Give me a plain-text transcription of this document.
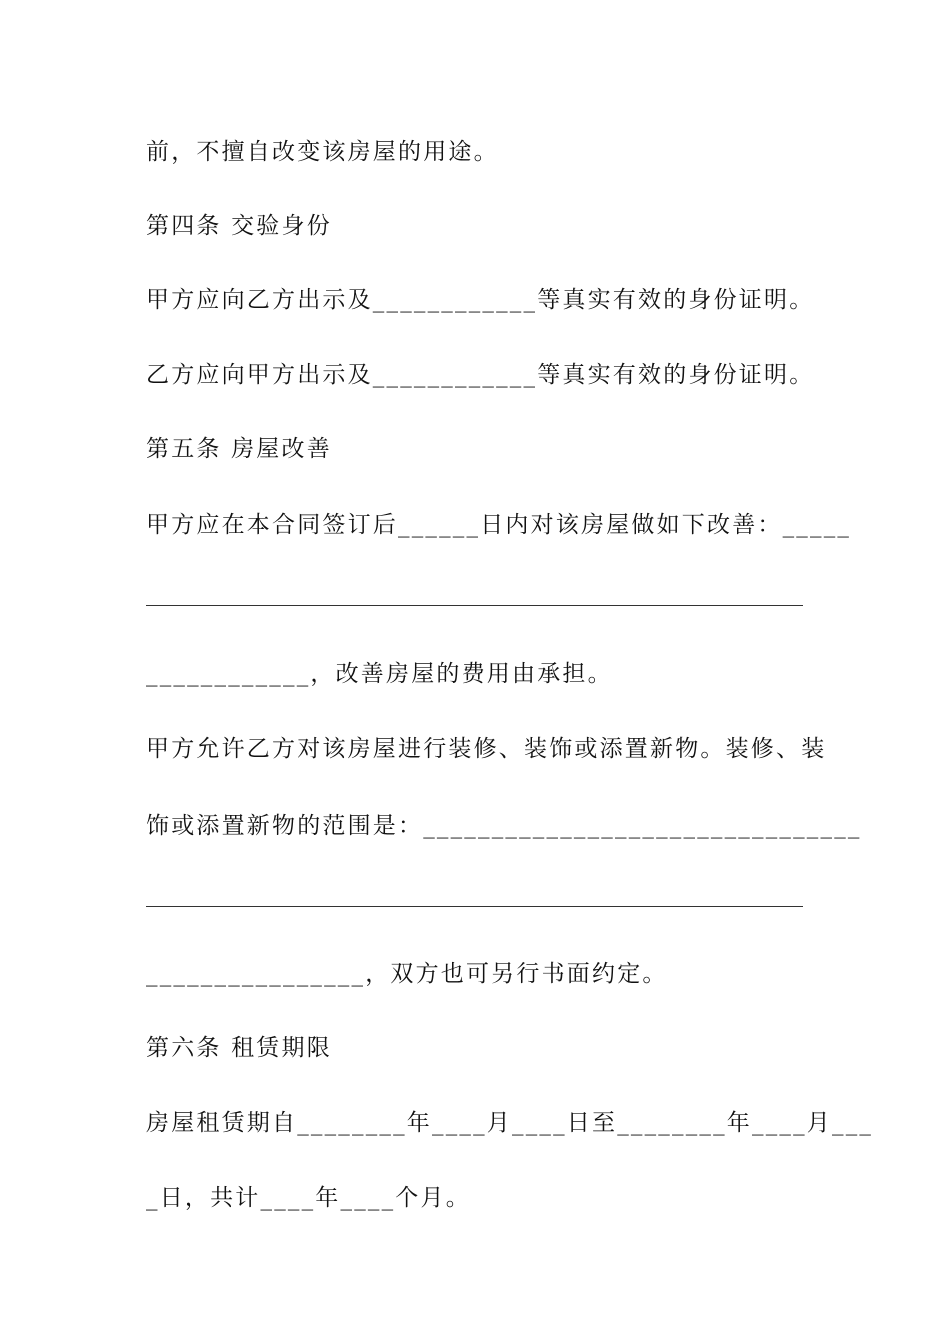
前，不擅自改变该房屋的用途。
第四条 交验身份
甲方应向乙方出示及____________等真实有效的身份证明。
乙方应向甲方出示及____________等真实有效的身份证明。
第五条 房屋改善
甲方应在本合同签订后______日内对该房屋做如下改善：_____
____________，改善房屋的费用由承担。
甲方允许乙方对该房屋进行装修、装饰或添置新物。装修、装
饰或添置新物的范围是：________________________________
________________，双方也可另行书面约定。
第六条 租赁期限
房屋租赁期自________年____月____日至________年____月___
_日，共计____年____个月。
